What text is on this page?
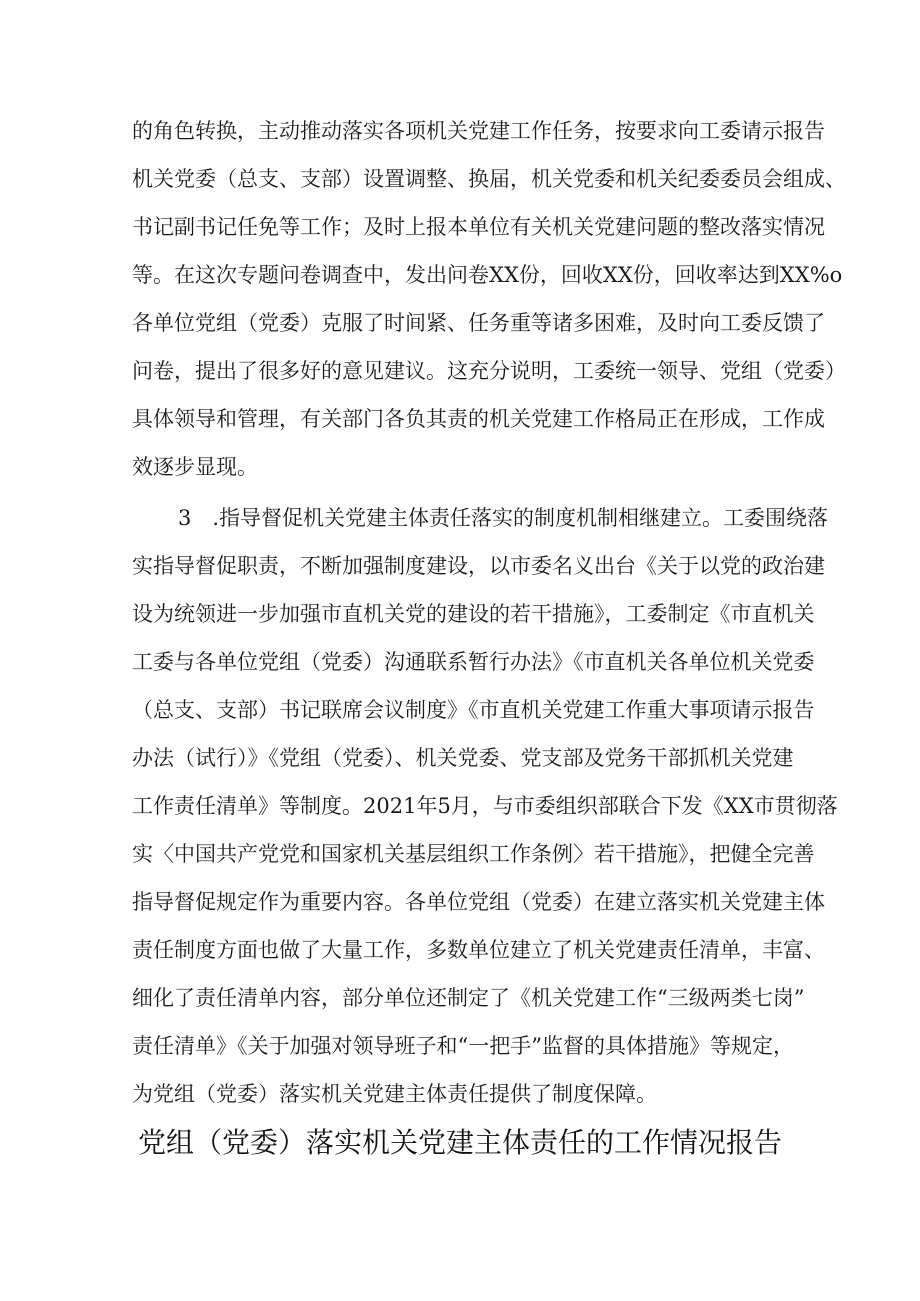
的角色转换，主动推动落实各项机关党建工作任务，按要求向工委请示报告
机关党委（总支、支部）设置调整、换届，机关党委和机关纪委委员会组成、
书记副书记任免等工作；及时上报本单位有关机关党建问题的整改落实情况
等。在这次专题问卷调查中，发出问卷XX份，回收XX份，回收率达到XX%o
各单位党组（党委）克服了时间紧、任务重等诸多困难，及时向工委反馈了
问卷，提出了很多好的意见建议。这充分说明，工委统一领导、党组（党委）
具体领导和管理，有关部门各负其责的机关党建工作格局正在形成，工作成
效逐步显现。
3　.指导督促机关党建主体责任落实的制度机制相继建立。工委围绕落
实指导督促职责，不断加强制度建设，以市委名义出台《关于以党的政治建
设为统领进一步加强市直机关党的建设的若干措施》，工委制定《市直机关
工委与各单位党组（党委）沟通联系暂行办法》《市直机关各单位机关党委
（总支、支部）书记联席会议制度》《市直机关党建工作重大事项请示报告
办法（试行）》《党组（党委）、机关党委、党支部及党务干部抓机关党建
工作责任清单》等制度。2021年5月，与市委组织部联合下发《XX市贯彻落
实〈中国共产党党和国家机关基层组织工作条例〉若干措施》，把健全完善
指导督促规定作为重要内容。各单位党组（党委）在建立落实机关党建主体
责任制度方面也做了大量工作，多数单位建立了机关党建责任清单，丰富、
细化了责任清单内容，部分单位还制定了《机关党建工作“三级两类七岗”
责任清单》《关于加强对领导班子和“一把手”监督的具体措施》等规定，
为党组（党委）落实机关党建主体责任提供了制度保障。
党组（党委）落实机关党建主体责任的工作情况报告
